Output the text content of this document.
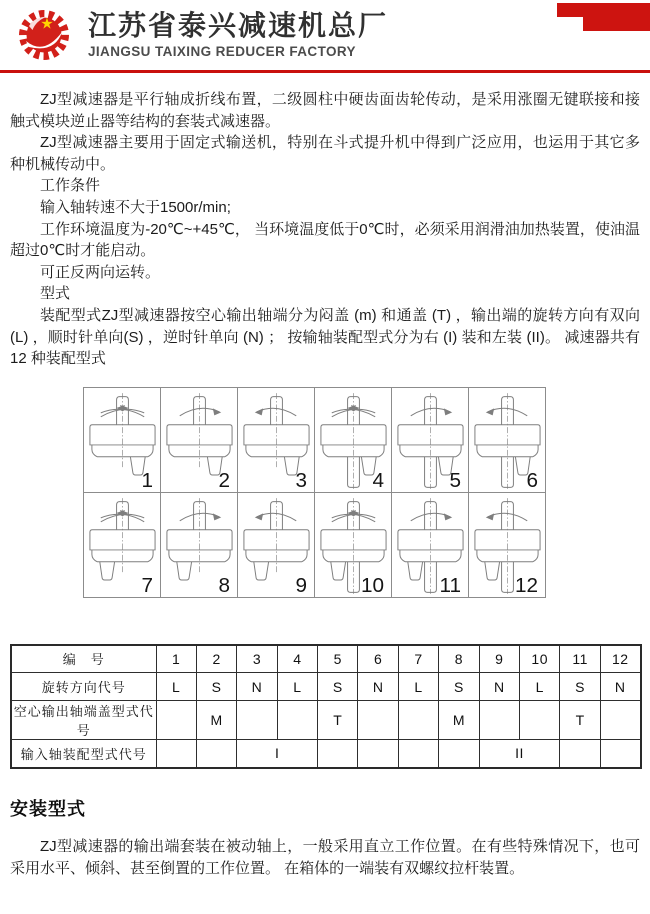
★ 江苏省泰兴减速机总厂
JIANGSU TAIXING REDUCER FACTORY

ZJ型减速器是平行轴成折线布置，二级圆柱中硬齿面齿轮传动，是采用涨圈无键联接和接触式模块逆止器等结构的套装式减速器。

ZJ型减速器主要用于固定式输送机，特别在斗式提升机中得到广泛应用，也运用于其它多种机械传动中。

工作条件

输入轴转速不大于1500r/min;

工作环境温度为-20℃~+45℃， 当环境温度低于0℃时，必须采用润滑油加热装置，使油温超过0℃时才能启动。

可正反两向运转。

型式

装配型式ZJ型减速器按空心输出轴端分为闷盖 (m) 和通盖 (T) ，输出端的旋转方向有双向 (L) ，顺时针单向(S) ，逆时针单向 (N) ； 按输轴装配型式分为右 (I) 装和左装 (II)。 减速器共有 12 种装配型式

1	2	3	4	5	6
7	8	9	10	11	12
编　号	1	2	3	4	5	6	7	8	9	10	11	12
旋转方向代号	L	S	N	L	S	N	L	S	N	L	S	N
空心输出轴端盖型式代号		M			T			M			T	
输入轴装配型式代号			I						II			
安装型式

ZJ型减速器的输出端套装在被动轴上，一般采用直立工作位置。在有些特殊情况下，也可采用水平、倾斜、甚至倒置的工作位置。 在箱体的一端装有双螺纹拉杆装置。
